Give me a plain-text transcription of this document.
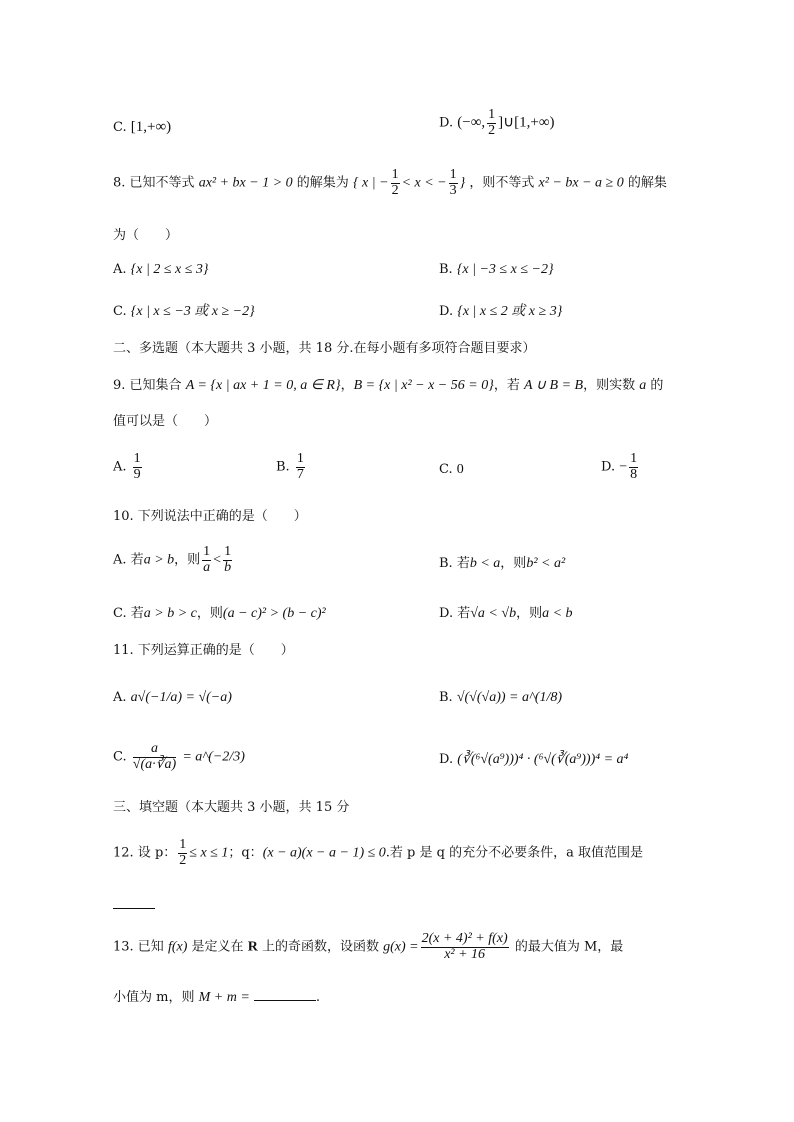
C. [1,+∞)	D. (−∞, $\frac{1}{2}$ ]∪[1,+∞)
8. 已知不等式 ax² + bx − 1 > 0 的解集为 { x | − $\frac{1}{2} < x$ < − $\frac{1}{3}$ } ，则不等式 x² − bx − a ≥ 0 的解集
为（　　）
A. {x | 2 ≤ x ≤ 3}	B. {x | −3 ≤ x ≤ −2}
C. {x | x ≤ −3 或 x ≥ −2}	D. {x | x ≤ 2 或 x ≥ 3}
二、多选题（本大题共 3 小题，共 18 分.在每小题有多项符合题目要求）
9. 已知集合 A = {x | ax + 1 = 0, a ∈ R}，B = {x | x² − x − 56 = 0}，若 A ∪ B = B，则实数 a 的
值可以是（　　）
A. $\frac{1}{9}$	B. $\frac{1}{7}$	C. 0	D. − $\frac{1}{8}$
10. 下列说法中正确的是（　　）
A. 若a > b，则 $\frac{1}{a} < \frac{1}{b}$	B. 若b < a，则b² < a²
C. 若a > b > c，则(a − c)² > (b − c)²	D. 若√a < √b，则a < b
11. 下列运算正确的是（　　）
A. a√(−1/a) = √(−a)	B. √(√(√a)) = a^(1/8)
C. $\frac{a}{√(a\cdot∛a)}$ = a^(−2/3)	D. (∛(⁶√(a⁹)))⁴ · (⁶√(∛(a⁹)))⁴ = a⁴
三、填空题（本大题共 3 小题，共 15 分
12. 设 p： $\frac{1}{2} \le x \le 1$；q：(x − a)(x − a − 1) ≤ 0.若 p 是 q 的充分不必要条件，a 取值范围是
13. 已知 f(x) 是定义在 R 上的奇函数，设函数 $g(x) = \frac{\text{2(x + 4)² + f(x)}}{\text{x² + 16}}$ 的最大值为 M，最
小值为 m，则 M + m =	.
